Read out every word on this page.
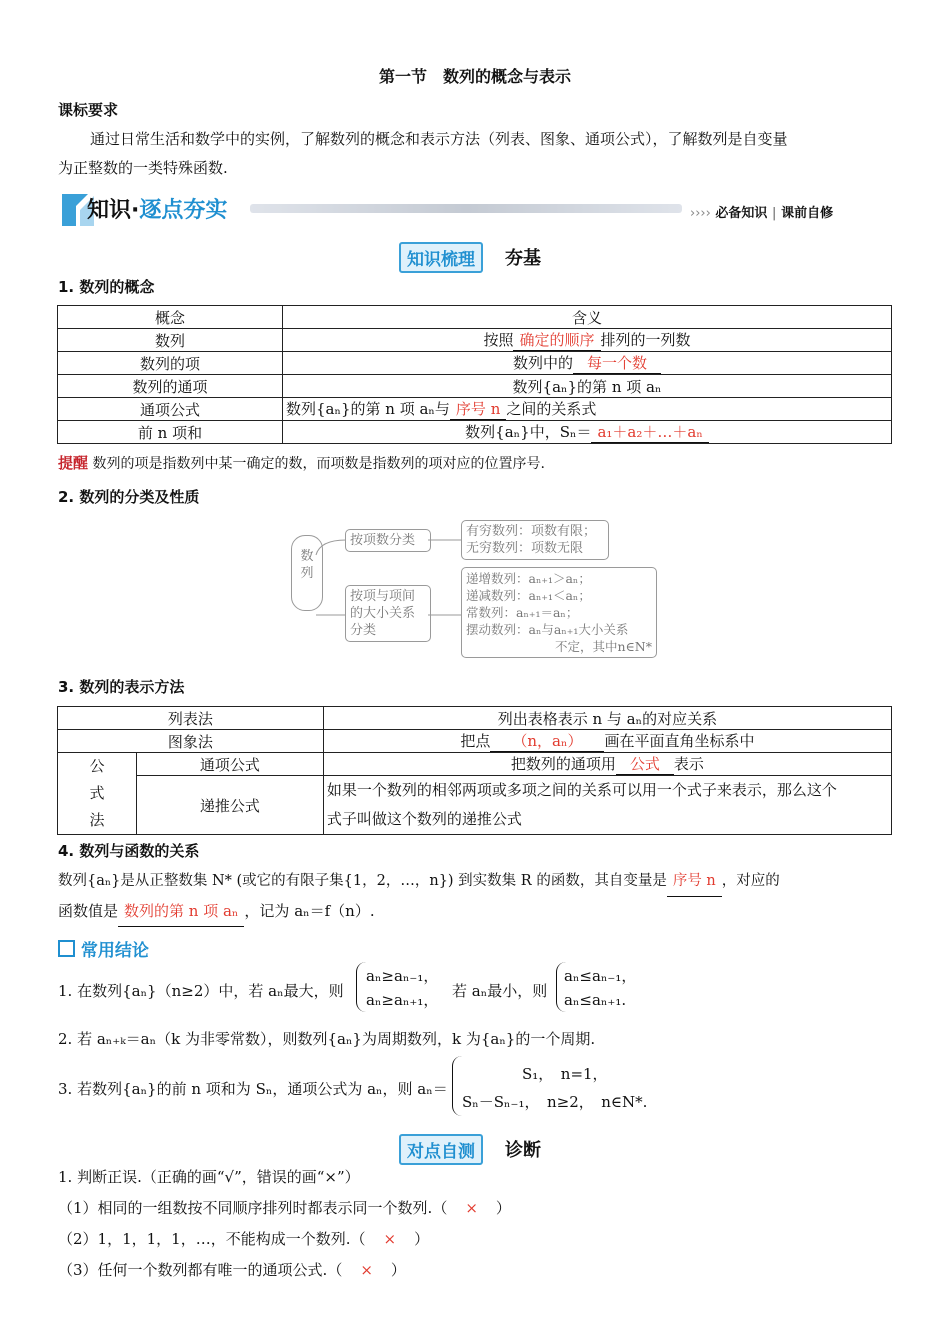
第一节　数列的概念与表示
课标要求
通过日常生活和数学中的实例，了解数列的概念和表示方法（列表、图象、通项公式），了解数列是自变量
为正整数的一类特殊函数.
知识·逐点夯实	›››› 必备知识 | 课前自修
知识梳理	夯基
1. 数列的概念
概念	含义
数列	按照 确定的顺序 排列的一列数
数列的项	数列中的 每一个数
数列的通项	数列{aₙ}的第 n 项 aₙ
通项公式	数列{aₙ}的第 n 项 aₙ与 序号 n 之间的关系式
前 n 项和	数列{aₙ}中，Sₙ＝ a₁＋a₂＋…＋aₙ
提醒 数列的项是指数列中某一确定的数，而项数是指数列的项对应的位置序号.
2. 数列的分类及性质
数列
按项数分类
有穷数列：项数有限；
无穷数列：项数无限
按项与项间的大小关系分类
递增数列：aₙ₊₁＞aₙ；
递减数列：aₙ₊₁＜aₙ；
常数列：aₙ₊₁＝aₙ；
摆动数列：aₙ与aₙ₊₁大小关系
不定，其中n∈N*
3. 数列的表示方法
列表法		列出表格表示 n 与 aₙ的对应关系
图象法		把点 （n，aₙ） 画在平面直角坐标系中

公
式
法	通项公式	把数列的通项用 公式 表示
	递推公式	如果一个数列的相邻两项或多项之间的关系可以用一个式子来表示，那么这个
式子叫做这个数列的递推公式
4. 数列与函数的关系
数列{aₙ}是从正整数集 N* (或它的有限子集{1，2，…，n}) 到实数集 R 的函数，其自变量是 序号 n ，对应的
函数值是 数列的第 n 项 aₙ ，记为 aₙ＝f（n）.
常用结论
1. 在数列{aₙ}（n≥2）中，若 aₙ最大，则
aₙ≥aₙ₋₁，
aₙ≥aₙ₊₁， 若 aₙ最小，则
aₙ≤aₙ₋₁，
aₙ≤aₙ₊₁.
2. 若 aₙ₊ₖ＝aₙ（k 为非零常数），则数列{aₙ}为周期数列，k 为{aₙ}的一个周期.
3. 若数列{aₙ}的前 n 项和为 Sₙ，通项公式为 aₙ，则 aₙ＝
S₁，　n=1，
Sₙ－Sₙ₋₁，　n≥2，　n∈N*.
对点自测	诊断
1. 判断正误.（正确的画“√”，错误的画“×”）
（1）相同的一组数按不同顺序排列时都表示同一个数列.（ × ）
（2）1，1，1，1，…，不能构成一个数列.（ × ）
（3）任何一个数列都有唯一的通项公式.（ × ）
